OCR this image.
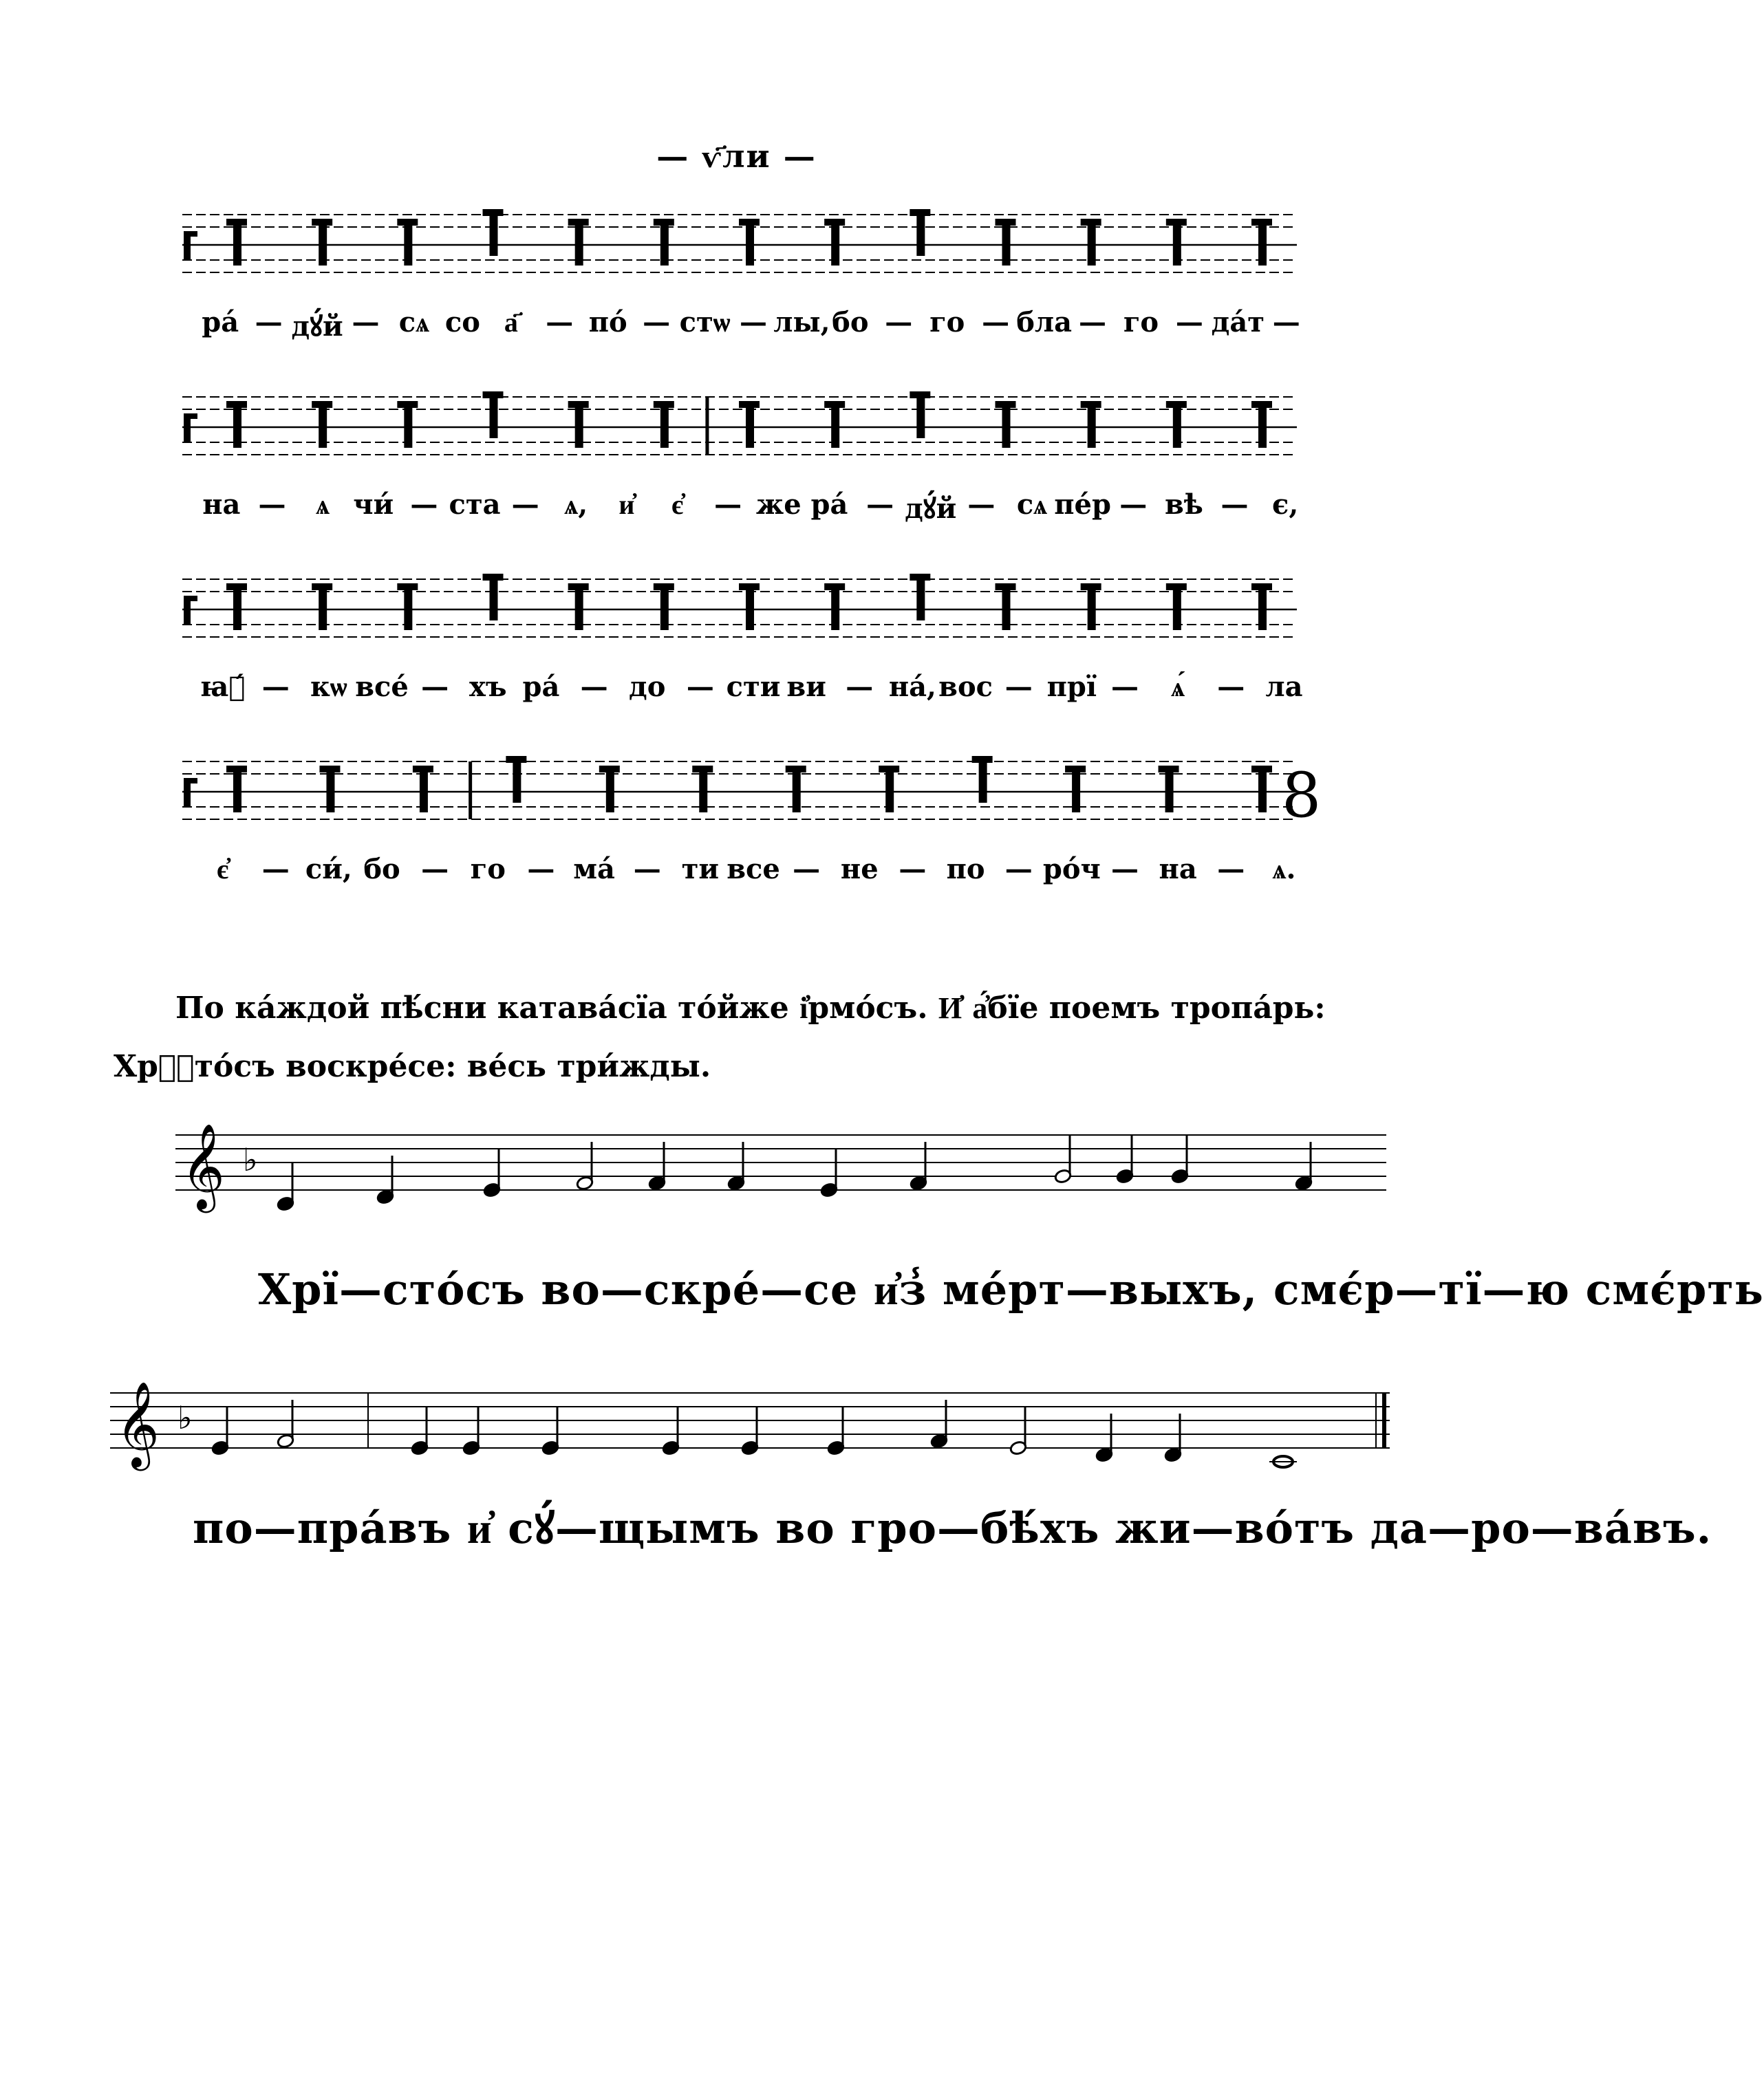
— ѵ҃ли —
ра́ — дꙋ́й — сѧ со а҃ — по́ — стѡ — лы, бо — го — бла — го — да́т —
на — ѧ чи́ — ста — ѧ, и҆ є҆ — же ра́ — дꙋ́й — сѧ пе́р — вѣ — є,
ꙗ҆́ — кѡ все́ — хъ ра́ — до — сти ви — на́, вос — прї — ѧ́ — ла
8
є҆ — си́, бо — го — ма́ — ти все — не — по — ро́ч — на — ѧ.
По ка́ждой пѣ́сни катава́сїа то́йже і҆рмо́съ. И҆ а҆́бїе поемъ тропа́рь:
Хрⷭ҇то́съ воскре́се: ве́сь три́жды.
𝄞 ♭
Хрї—сто́съ во—скре́—се и҆з̾ ме́рт—выхъ, смє́р—тї—ю смє́рть
𝄞 ♭
по—пра́въ и҆ сꙋ́—щымъ во гро—бѣ́хъ жи—во́тъ да—ро—ва́въ.
